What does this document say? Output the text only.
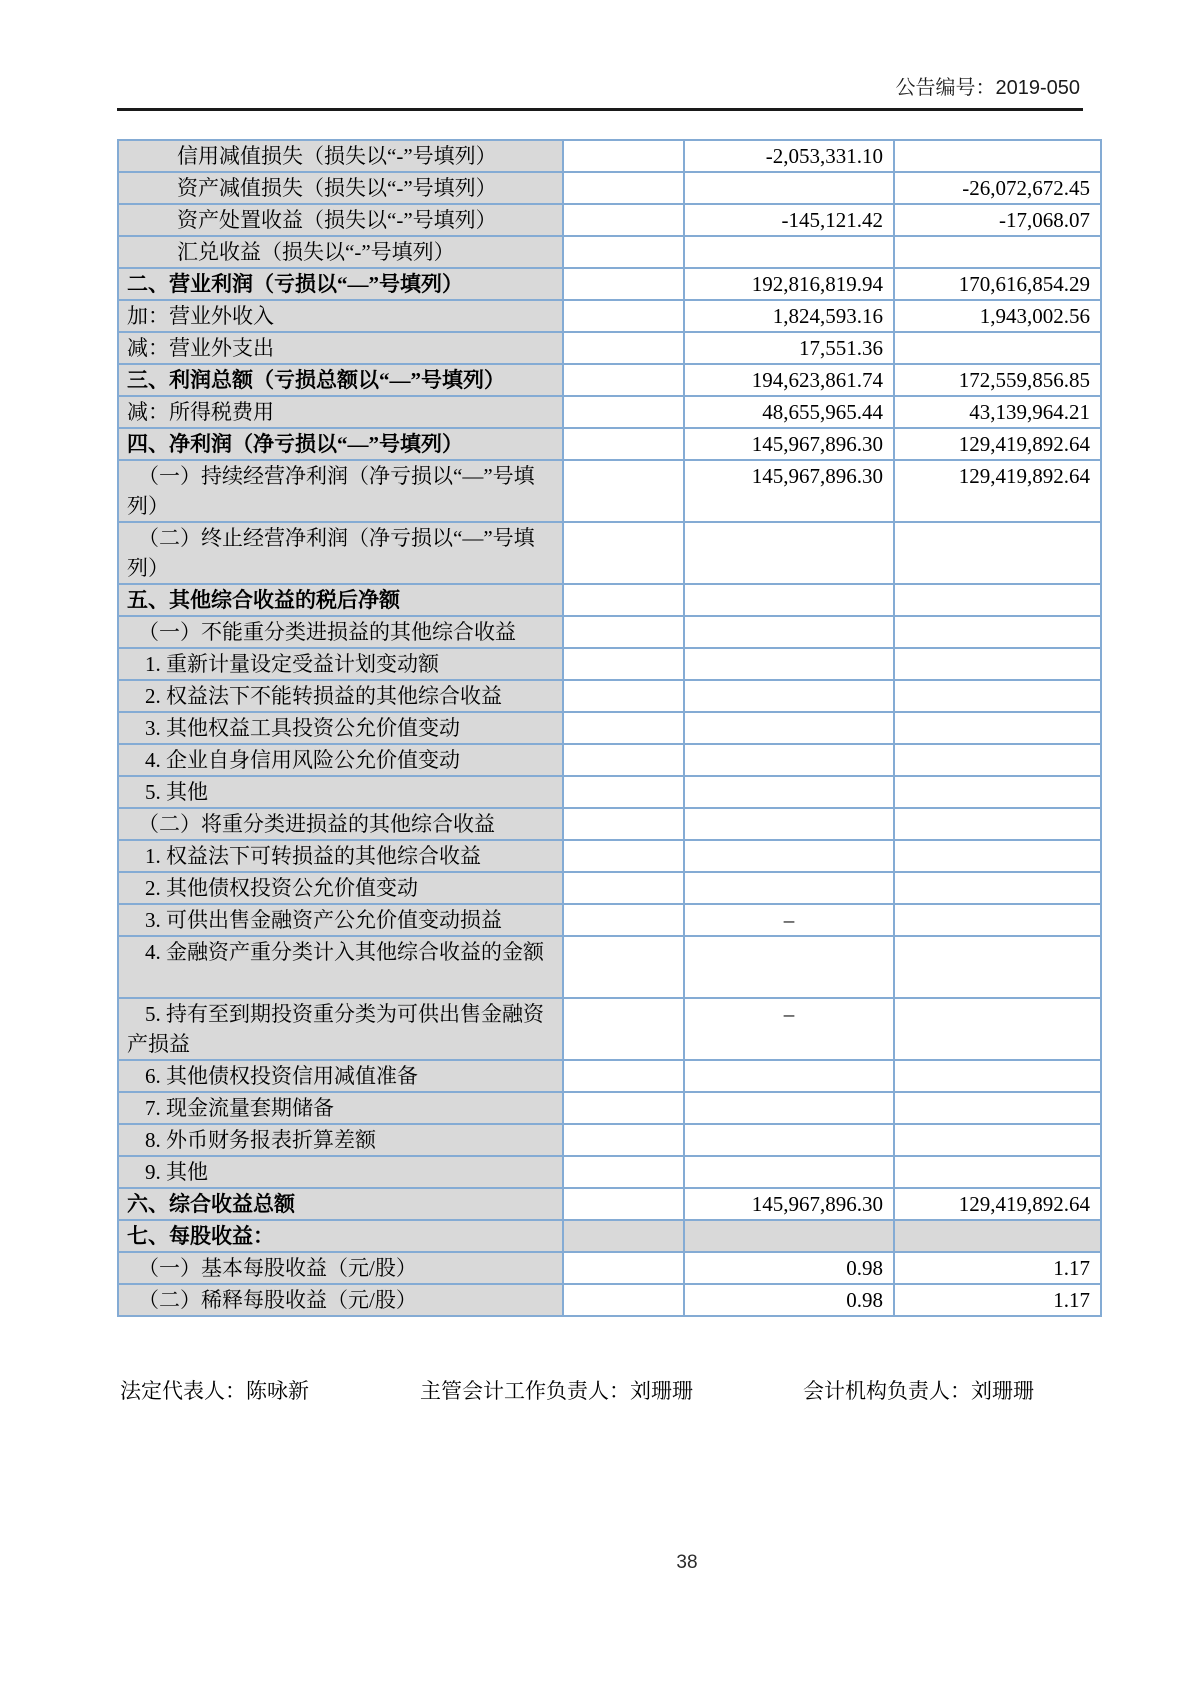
公告编号：2019-050
信用减值损失（损失以“-”号填列）		-2,053,331.10	
资产减值损失（损失以“-”号填列）			-26,072,672.45
资产处置收益（损失以“-”号填列）		-145,121.42	-17,068.07
汇兑收益（损失以“-”号填列）			
二、营业利润（亏损以“—”号填列）		192,816,819.94	170,616,854.29
加：营业外收入		1,824,593.16	1,943,002.56
减：营业外支出		17,551.36	
三、利润总额（亏损总额以“—”号填列）		194,623,861.74	172,559,856.85
减：所得税费用		48,655,965.44	43,139,964.21
四、净利润（净亏损以“—”号填列）		145,967,896.30	129,419,892.64
（一）持续经营净利润（净亏损以“—”号填列）		145,967,896.30	129,419,892.64
（二）终止经营净利润（净亏损以“—”号填列）			
五、其他综合收益的税后净额			
（一）不能重分类进损益的其他综合收益			
1. 重新计量设定受益计划变动额			
2. 权益法下不能转损益的其他综合收益			
3. 其他权益工具投资公允价值变动			
4. 企业自身信用风险公允价值变动			
5. 其他			
（二）将重分类进损益的其他综合收益			
1. 权益法下可转损益的其他综合收益			
2. 其他债权投资公允价值变动			
3. 可供出售金融资产公允价值变动损益		–	
4. 金融资产重分类计入其他综合收益的金额			
5. 持有至到期投资重分类为可供出售金融资产损益		–	
6. 其他债权投资信用减值准备			
7. 现金流量套期储备			
8. 外币财务报表折算差额			
9. 其他			
六、综合收益总额		145,967,896.30	129,419,892.64
七、每股收益：			
（一）基本每股收益（元/股）		0.98	1.17
（二）稀释每股收益（元/股）		0.98	1.17
法定代表人：陈咏新	主管会计工作负责人：刘珊珊	会计机构负责人：刘珊珊
38
